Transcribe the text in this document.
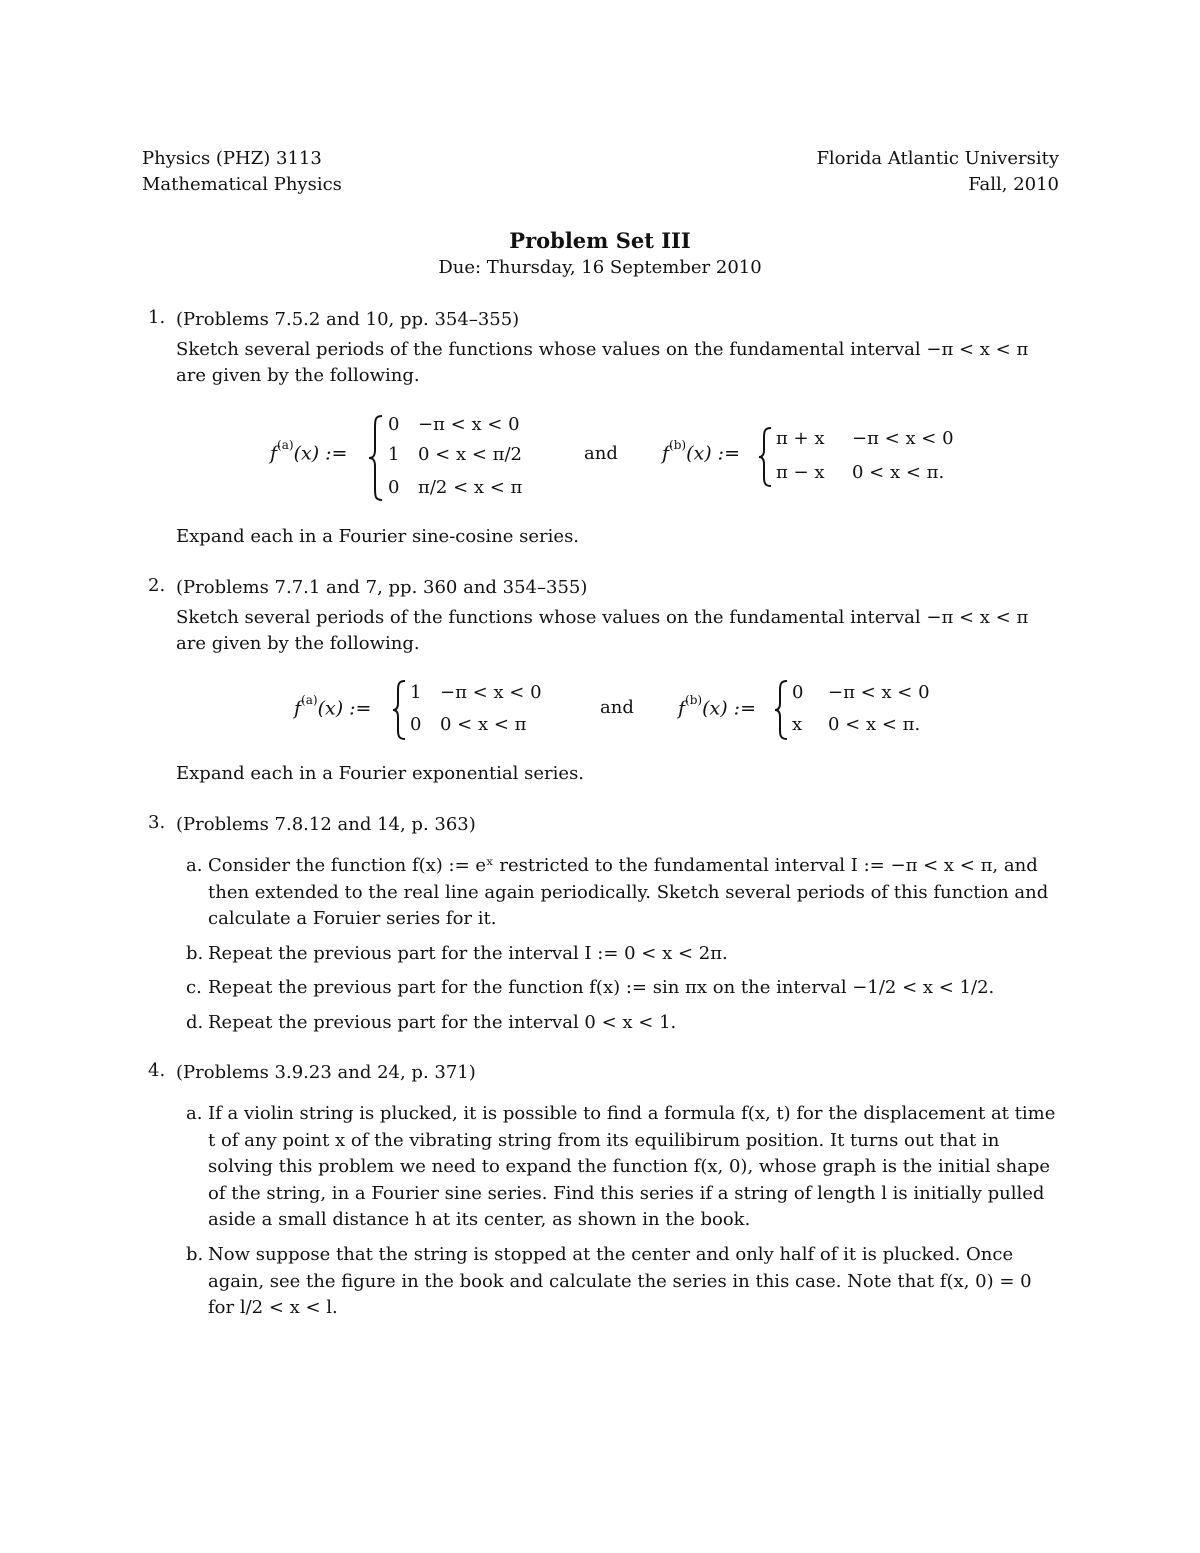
Physics (PHZ) 3113
Mathematical Physics
Florida Atlantic University
Fall, 2010
Problem Set III
Due: Thursday, 16 September 2010
1. (Problems 7.5.2 and 10, pp. 354–355)
Sketch several periods of the functions whose values on the fundamental interval −π < x < π
are given by the following.
$f^{(a)}(x)$ :=
0 −π < x < 0
1 0 < x < π/2
0 π/2 < x < π
and $f^{(b)}(x)$ :=
π + x −π < x < 0
π − x 0 < x < π.
Expand each in a Fourier sine-cosine series.
2. (Problems 7.7.1 and 7, pp. 360 and 354–355)
Sketch several periods of the functions whose values on the fundamental interval −π < x < π
are given by the following.
$f^{(a)}(x)$ :=
1 −π < x < 0
0 0 < x < π
and $f^{(b)}(x)$ :=
0 −π < x < 0
x 0 < x < π.
Expand each in a Fourier exponential series.
3. (Problems 7.8.12 and 14, p. 363)
a. Consider the function f(x) := eˣ restricted to the fundamental interval I := −π < x < π, and then extended to the real line again periodically. Sketch several periods of this function and calculate a Foruier series for it.
b. Repeat the previous part for the interval I := 0 < x < 2π.
c. Repeat the previous part for the function f(x) := sin πx on the interval −1/2 < x < 1/2.
d. Repeat the previous part for the interval 0 < x < 1.
4. (Problems 3.9.23 and 24, p. 371)
a. If a violin string is plucked, it is possible to find a formula f(x, t) for the displacement at time t of any point x of the vibrating string from its equilibirum position. It turns out that in solving this problem we need to expand the function f(x, 0), whose graph is the initial shape of the string, in a Fourier sine series. Find this series if a string of length l is initially pulled aside a small distance h at its center, as shown in the book.
b. Now suppose that the string is stopped at the center and only half of it is plucked. Once again, see the figure in the book and calculate the series in this case. Note that f(x, 0) = 0 for l/2 < x < l.
